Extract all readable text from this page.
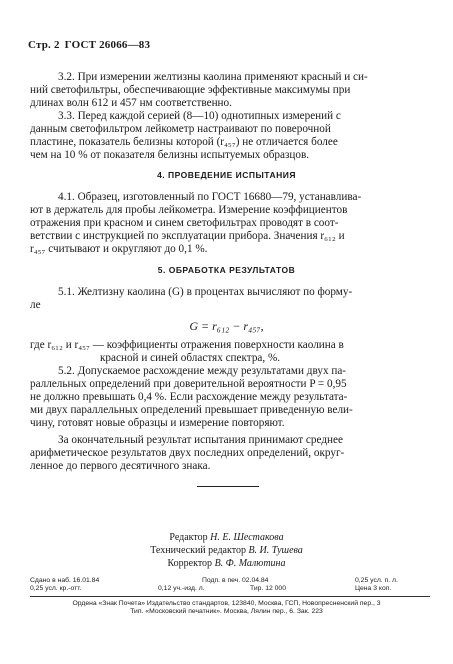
Стр. 2 ГОСТ 26066—83
3.2. При измерении желтизны каолина применяют красный и си-
ний светофильтры, обеспечивающие эффективные максимумы при
длинах волн 612 и 457 нм соответственно.
3.3. Перед каждой серией (8—10) однотипных измерений с
данным светофильтром лейкометр настраивают по поверочной
пластине, показатель белизны которой (r₄₅₇) не отличается более
чем на 10 % от показателя белизны испытуемых образцов.
4. ПРОВЕДЕНИЕ ИСПЫТАНИЯ
4.1. Образец, изготовленный по ГОСТ 16680—79, устанавлива-
ют в держатель для пробы лейкометра. Измерение коэффициентов
отражения при красном и синем светофильтрах проводят в соот-
ветствии с инструкцией по эксплуатации прибора. Значения r₆₁₂ и
r₄₅₇ считывают и округляют до 0,1 %.
5. ОБРАБОТКА РЕЗУЛЬТАТОВ
5.1. Желтизну каолина (G) в процентах вычисляют по форму-
ле
G = r₆₁₂ − r₄₅₇,
где r₆₁₂ и r₄₅₇ — коэффициенты отражения поверхности каолина в
красной и синей областях спектра, %.
5.2. Допускаемое расхождение между результатами двух па-
раллельных определений при доверительной вероятности P = 0,95
не должно превышать 0,4 %. Если расхождение между результата-
ми двух параллельных определений превышает приведенную вели-
чину, готовят новые образцы и измерение повторяют.
За окончательный результат испытания принимают среднее
арифметическое результатов двух последних определений, округ-
ленное до первого десятичного знака.
Редактор Н. Е. Шестакова
Технический редактор В. И. Тушева
Корректор В. Ф. Малютина
Сдано в наб. 16.01.84	Подп. в печ. 02.04.84	0,25 усл. п. л.
0,25 усл. кр.-отт.	0,12 уч.-изд. л.	Тир. 12 000	Цена 3 коп.
Ордена «Знак Почета» Издательство стандартов, 123840, Москва, ГСП, Новопресненский пер., 3
Тип. «Московский печатник». Москва, Лялин пер., 6. Зак. 223
